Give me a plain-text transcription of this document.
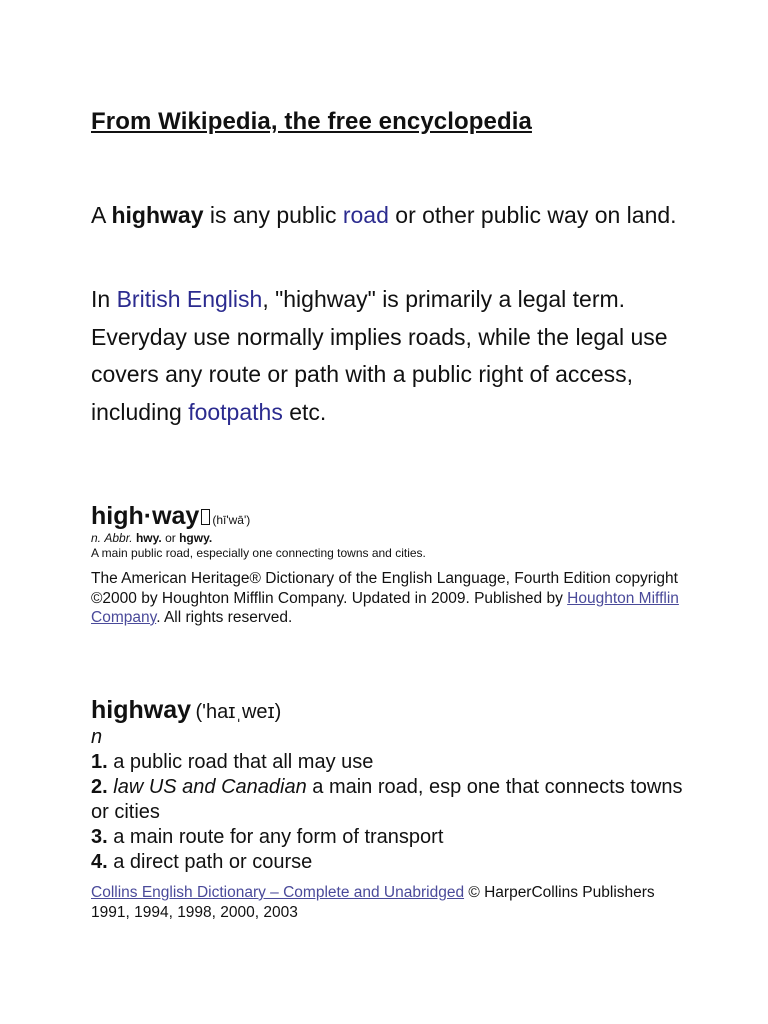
From Wikipedia, the free encyclopedia
A highway is any public road or other public way on land.
In British English, "highway" is primarily a legal term. Everyday use normally implies roads, while the legal use covers any route or path with a public right of access, including footpaths etc.
high·way (hī'wā')
n. Abbr. hwy. or hgwy.
A main public road, especially one connecting towns and cities.
The American Heritage® Dictionary of the English Language, Fourth Edition copyright ©2000 by Houghton Mifflin Company. Updated in 2009. Published by Houghton Mifflin Company. All rights reserved.
highway ('haɪˌweɪ)
n
1. a public road that all may use
2. law US and Canadian a main road, esp one that connects towns or cities
3. a main route for any form of transport
4. a direct path or course
Collins English Dictionary – Complete and Unabridged © HarperCollins Publishers 1991, 1994, 1998, 2000, 2003
